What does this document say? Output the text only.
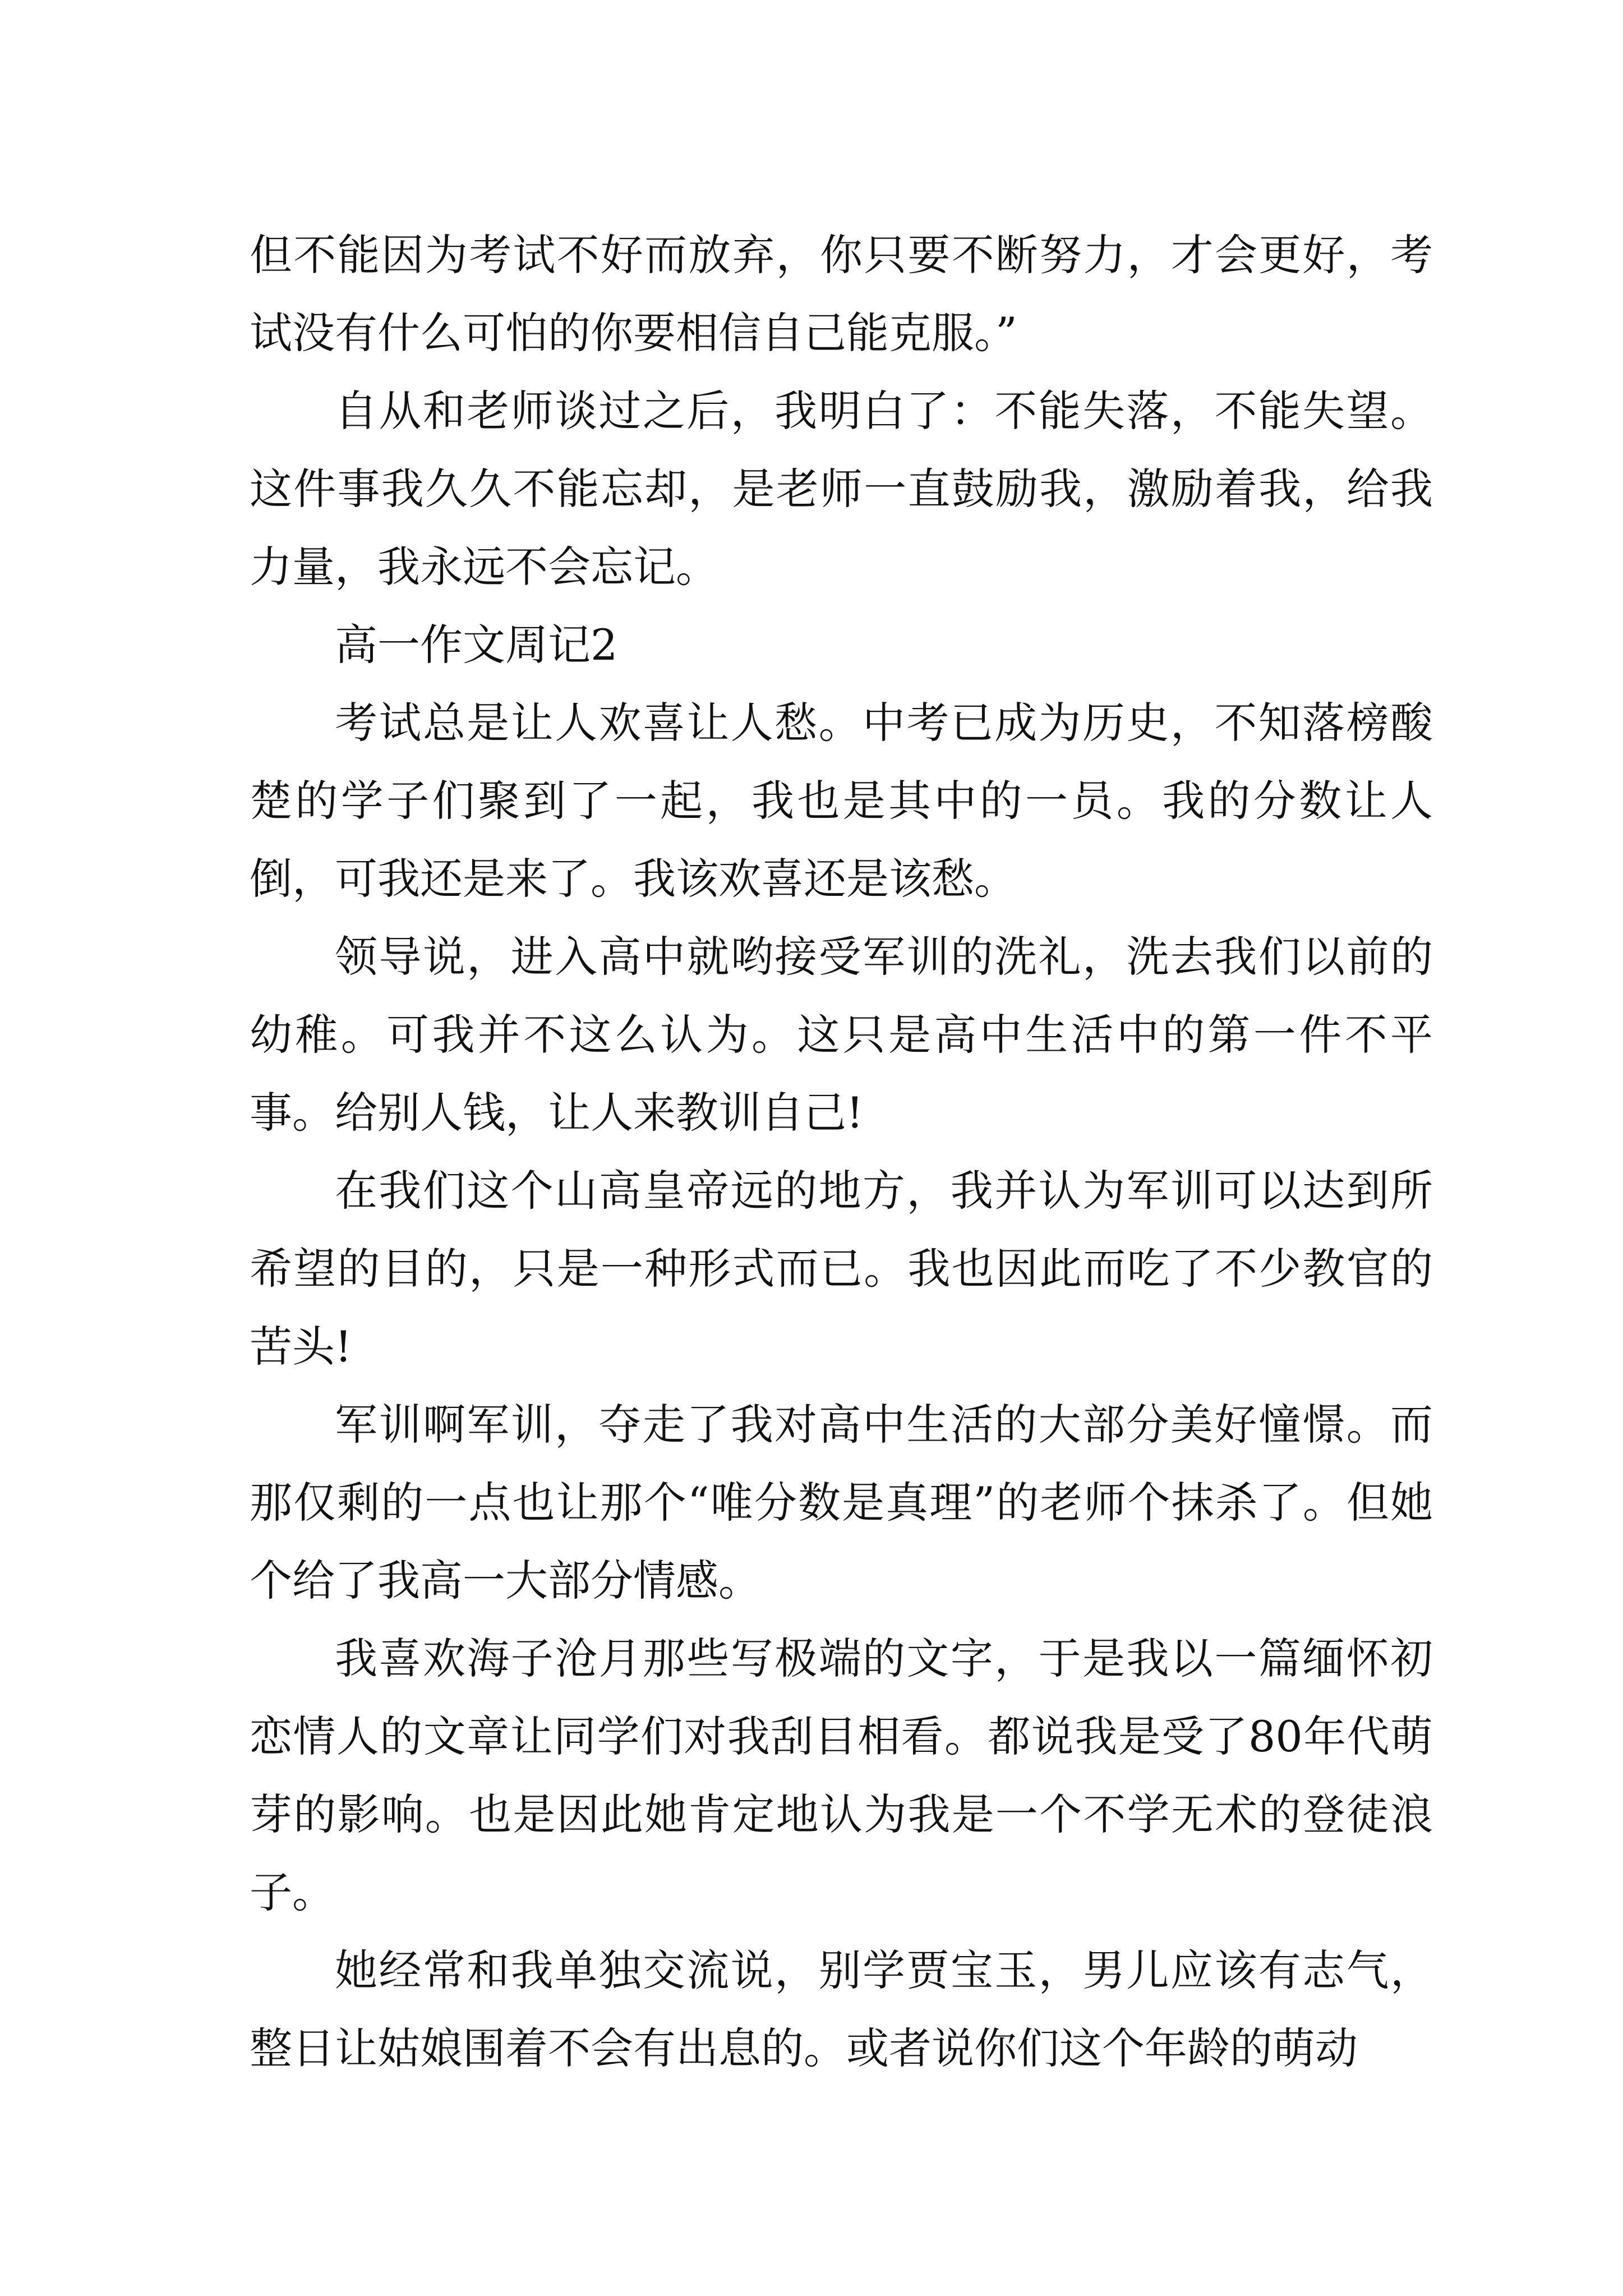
但不能因为考试不好而放弃，你只要不断努力，才会更好，考试没有什么可怕的你要相信自己能克服。”

自从和老师谈过之后，我明白了：不能失落，不能失望。这件事我久久不能忘却，是老师一直鼓励我，激励着我，给我力量，我永远不会忘记。

高一作文周记2

考试总是让人欢喜让人愁。中考已成为历史，不知落榜酸楚的学子们聚到了一起，我也是其中的一员。我的分数让人倒，可我还是来了。我该欢喜还是该愁。

领导说，进入高中就哟接受军训的洗礼，洗去我们以前的幼稚。可我并不这么认为。这只是高中生活中的第一件不平事。给别人钱，让人来教训自己!

在我们这个山高皇帝远的地方，我并认为军训可以达到所希望的目的，只是一种形式而已。我也因此而吃了不少教官的苦头!

军训啊军训，夺走了我对高中生活的大部分美好憧憬。而那仅剩的一点也让那个“唯分数是真理”的老师个抹杀了。但她个给了我高一大部分情感。

我喜欢海子沧月那些写极端的文字，于是我以一篇缅怀初恋情人的文章让同学们对我刮目相看。都说我是受了80年代萌芽的影响。也是因此她肯定地认为我是一个不学无术的登徒浪子。

她经常和我单独交流说，别学贾宝玉，男儿应该有志气，整日让姑娘围着不会有出息的。或者说你们这个年龄的萌动
